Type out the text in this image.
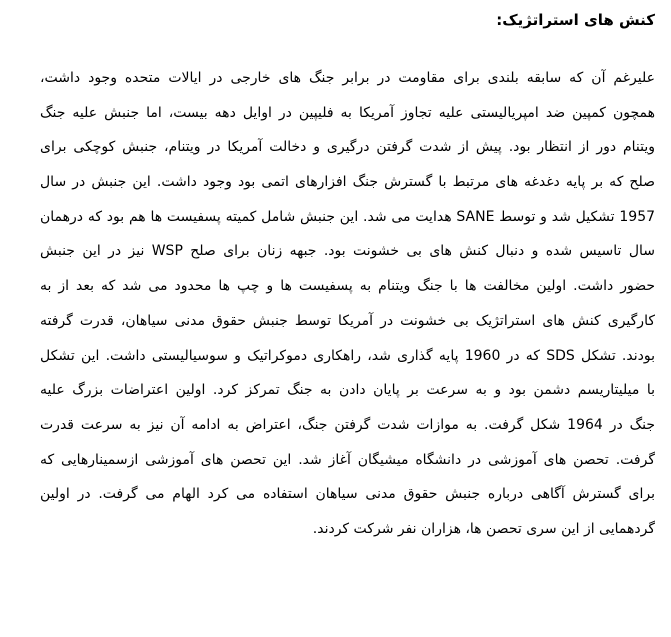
کنش های استراتژیک:
علیرغم آن که سابقه بلندی برای مقاومت در برابر جنگ های خارجی در ایالات متحده وجود داشت،
همچون کمپین ضد امپریالیستی علیه تجاوز آمریکا به فلیپین در اوایل دهه بیست، اما جنبش علیه جنگ
ویتنام دور از انتظار بود. پیش از شدت گرفتن درگیری و دخالت آمریکا در ویتنام، جنبش کوچکی برای
صلح که بر پایه دغدغه های مرتبط با گسترش جنگ افزارهای اتمی بود وجود داشت. این جنبش در سال
1957 تشکیل شد و توسط SANE هدایت می شد. این جنبش شامل کمیته پسفیست ها هم بود که درهمان
سال تاسیس شده و دنبال کنش های بی خشونت بود. جبهه زنان برای صلح WSP نیز در این جنبش
حضور داشت. اولین مخالفت ها با جنگ ویتنام به پسفیست ها و چپ ها محدود می شد که بعد از به
کارگیری کنش های استراتژیک بی خشونت در آمریکا توسط جنبش حقوق مدنی سیاهان، قدرت گرفته
بودند. تشکل SDS که در 1960 پایه گذاری شد، راهکاری دموکراتیک و سوسیالیستی داشت. این تشکل
با میلیتاریسم دشمن بود و به سرعت بر پایان دادن به جنگ تمرکز کرد. اولین اعتراضات بزرگ علیه
جنگ در 1964 شکل گرفت. به موازات شدت گرفتن جنگ، اعتراض به ادامه آن نیز به سرعت قدرت
گرفت. تحصن های آموزشی در دانشگاه میشیگان آغاز شد. این تحصن های آموزشی ازسمینارهایی که
برای گسترش آگاهی درباره جنبش حقوق مدنی سیاهان استفاده می کرد الهام می گرفت. در اولین
گردهمایی از این سری تحصن ها، هزاران نفر شرکت کردند.
